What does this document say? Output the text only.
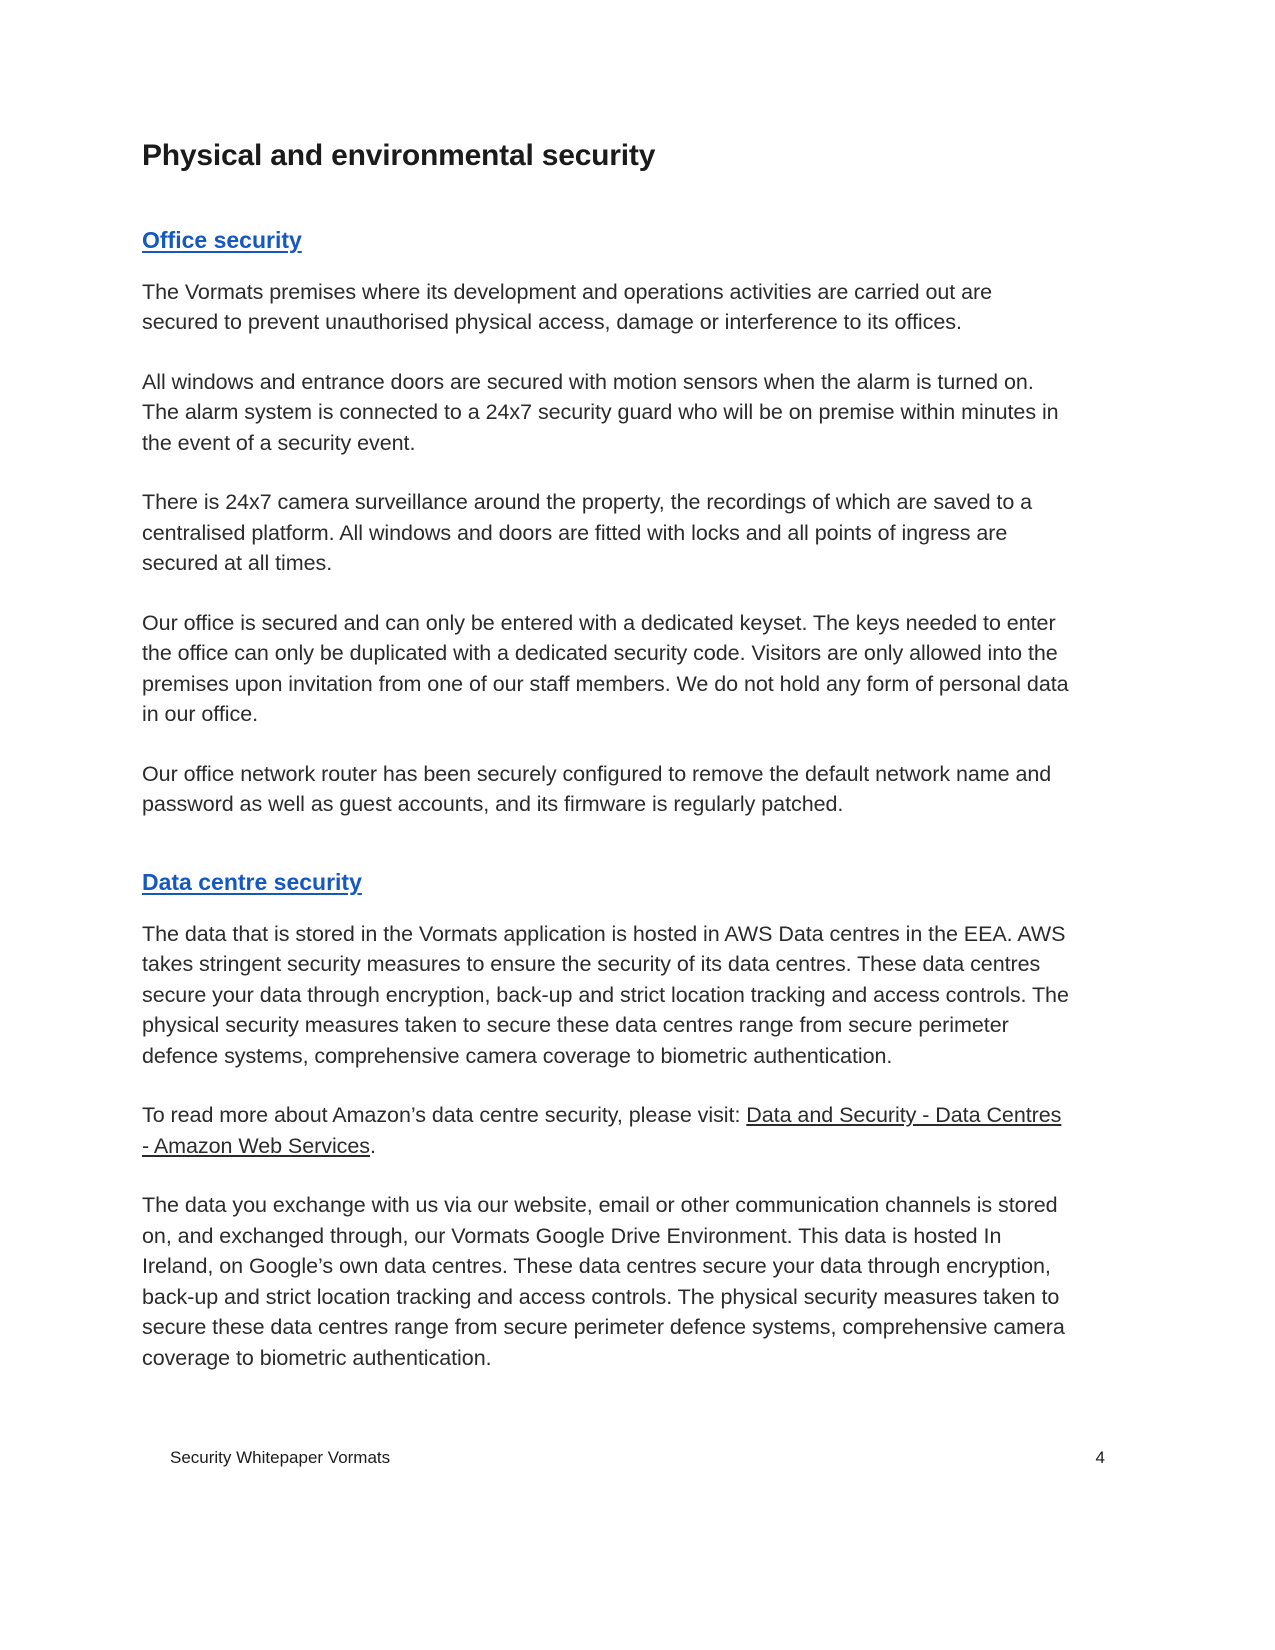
Physical and environmental security
Office security

The Vormats premises where its development and operations activities are carried out are secured to prevent unauthorised physical access, damage or interference to its offices.

All windows and entrance doors are secured with motion sensors when the alarm is turned on. The alarm system is connected to a 24x7 security guard who will be on premise within minutes in the event of a security event.

There is 24x7 camera surveillance around the property, the recordings of which are saved to a centralised platform. All windows and doors are fitted with locks and all points of ingress are secured at all times.

Our office is secured and can only be entered with a dedicated keyset. The keys needed to enter the office can only be duplicated with a dedicated security code. Visitors are only allowed into the premises upon invitation from one of our staff members. We do not hold any form of personal data in our office.

Our office network router has been securely configured to remove the default network name and password as well as guest accounts, and its firmware is regularly patched.

Data centre security

The data that is stored in the Vormats application is hosted in AWS Data centres in the EEA. AWS takes stringent security measures to ensure the security of its data centres. These data centres secure your data through encryption, back-up and strict location tracking and access controls. The physical security measures taken to secure these data centres range from secure perimeter defence systems, comprehensive camera coverage to biometric authentication.

To read more about Amazon’s data centre security, please visit: Data and Security - Data Centres - Amazon Web Services.

The data you exchange with us via our website, email or other communication channels is stored on, and exchanged through, our Vormats Google Drive Environment. This data is hosted In Ireland, on Google’s own data centres. These data centres secure your data through encryption, back-up and strict location tracking and access controls. The physical security measures taken to secure these data centres range from secure perimeter defence systems, comprehensive camera coverage to biometric authentication.

Security Whitepaper Vormats	4
